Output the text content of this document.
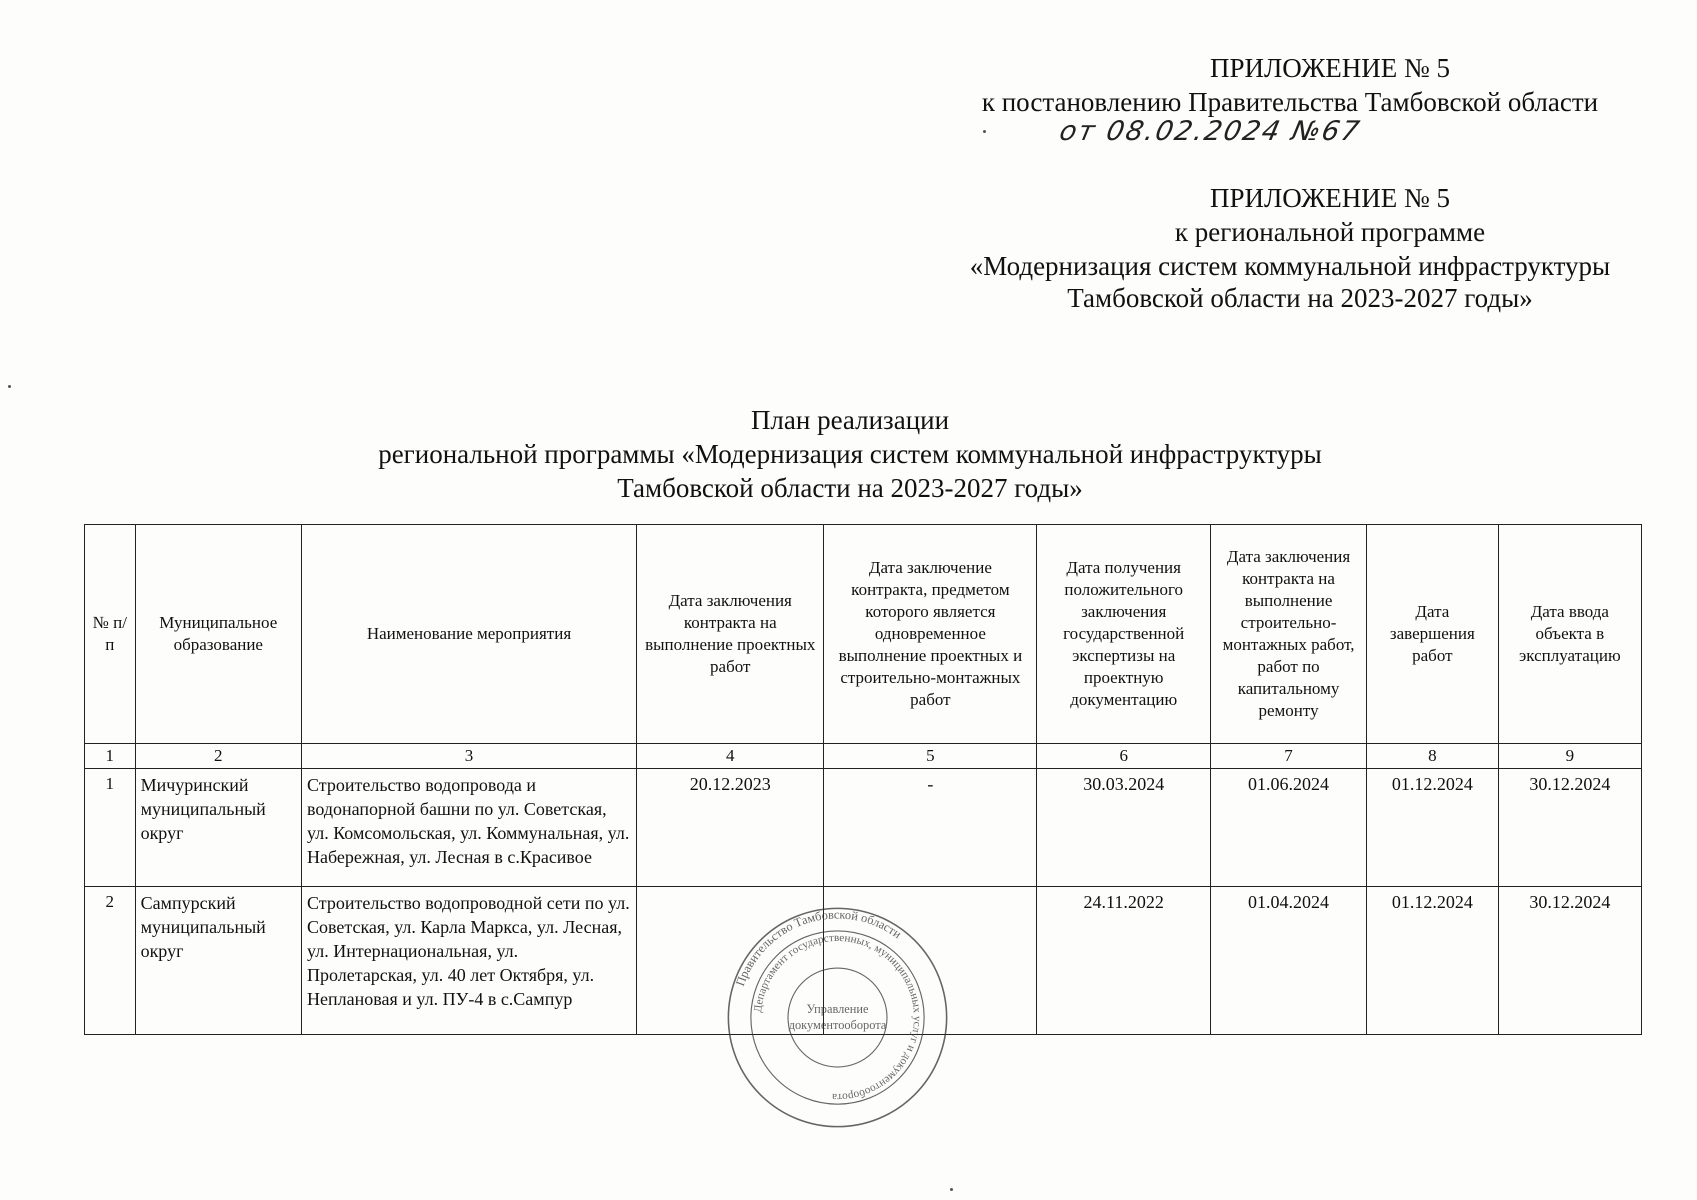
ПРИЛОЖЕНИЕ № 5
к постановлению Правительства Тамбовской области
от 08.02.2024 №67
ПРИЛОЖЕНИЕ № 5
к региональной программе
«Модернизация систем коммунальной инфраструктуры
Тамбовской области на 2023-2027 годы»
План реализации
региональной программы «Модернизация систем коммунальной инфраструктуры
Тамбовской области на 2023-2027 годы»
№ п/п	Муниципальное образование	Наименование мероприятия	Дата заключения контракта на выполнение проектных работ	Дата заключение контракта, предметом которого является одновременное выполнение проектных и строительно-монтажных работ	Дата получения положительного заключения государственной экспертизы на проектную документацию	Дата заключения контракта на выполнение строительно-монтажных работ, работ по капитальному ремонту	Дата завершения работ	Дата ввода объекта в эксплуатацию
1	2	3	4	5	6	7	8	9
1	Мичуринский муниципальный округ	Строительство водопровода и водонапорной башни по ул. Советская, ул. Комсомольская, ул. Коммунальная, ул. Набережная, ул. Лесная в с.Красивое	20.12.2023	-	30.03.2024	01.06.2024	01.12.2024	30.12.2024
2	Сампурский муниципальный округ	Строительство водопроводной сети по ул. Советская, ул. Карла Маркса, ул. Лесная, ул. Интернациональная, ул. Пролетарская, ул. 40 лет Октября, ул. Неплановая и ул. ПУ-4 в с.Сампур			24.11.2022	01.04.2024	01.12.2024	30.12.2024
Правительство Тамбовской области
Департамент государственных, муниципальных услуг и документооборота
Управление
документооборота
